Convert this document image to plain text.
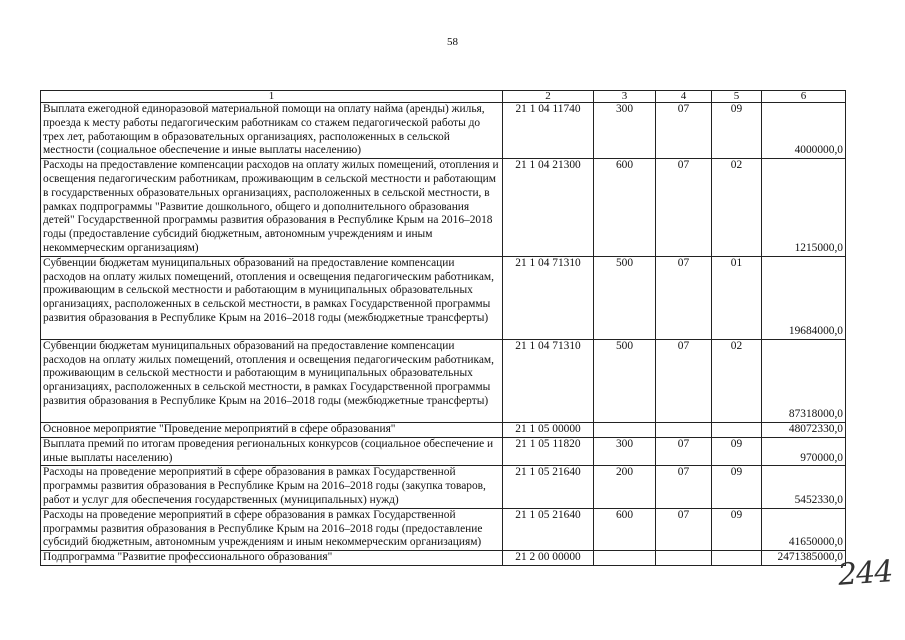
58
1	2	3	4	5	6
Выплата ежегодной единоразовой материальной помощи на оплату найма (аренды) жилья, проезда к месту работы педагогическим работникам со стажем педагогической работы до трех лет, работающим в образовательных организациях, расположенных в сельской местности (социальное обеспечение и иные выплаты населению)	21 1 04 11740	300	07	09	4000000,0
Расходы на предоставление компенсации расходов на оплату жилых помещений, отопления и освещения педагогическим работникам, проживающим в сельской местности и работающим в государственных образовательных организациях, расположенных в сельской местности, в рамках подпрограммы "Развитие дошкольного, общего и дополнительного образования детей" Государственной программы развития образования в Республике Крым на 2016–2018 годы (предоставление субсидий бюджетным, автономным учреждениям и иным некоммерческим организациям)	21 1 04 21300	600	07	02	1215000,0
Субвенции бюджетам муниципальных образований на предоставление компенсации расходов на оплату жилых помещений, отопления и освещения педагогическим работникам, проживающим в сельской местности и работающим в муниципальных образовательных организациях, расположенных в сельской местности, в рамках Государственной программы развития образования в Республике Крым на 2016–2018 годы (межбюджетные трансферты)	21 1 04 71310	500	07	01	19684000,0
Субвенции бюджетам муниципальных образований на предоставление компенсации расходов на оплату жилых помещений, отопления и освещения педагогическим работникам, проживающим в сельской местности и работающим в муниципальных образовательных организациях, расположенных в сельской местности, в рамках Государственной программы развития образования в Республике Крым на 2016–2018 годы (межбюджетные трансферты)	21 1 04 71310	500	07	02	87318000,0
Основное мероприятие "Проведение мероприятий в сфере образования"	21 1 05 00000				48072330,0
Выплата премий по итогам проведения региональных конкурсов (социальное обеспечение и иные выплаты населению)	21 1 05 11820	300	07	09	970000,0
Расходы на проведение мероприятий в сфере образования в рамках Государственной программы развития образования в Республике Крым на 2016–2018 годы (закупка товаров, работ и услуг для обеспечения государственных (муниципальных) нужд)	21 1 05 21640	200	07	09	5452330,0
Расходы на проведение мероприятий в сфере образования в рамках Государственной программы развития образования в Республике Крым на 2016–2018 годы (предоставление субсидий бюджетным, автономным учреждениям и иным некоммерческим организациям)	21 1 05 21640	600	07	09	41650000,0
Подпрограмма "Развитие профессионального образования"	21 2 00 00000				2471385000,0
244
